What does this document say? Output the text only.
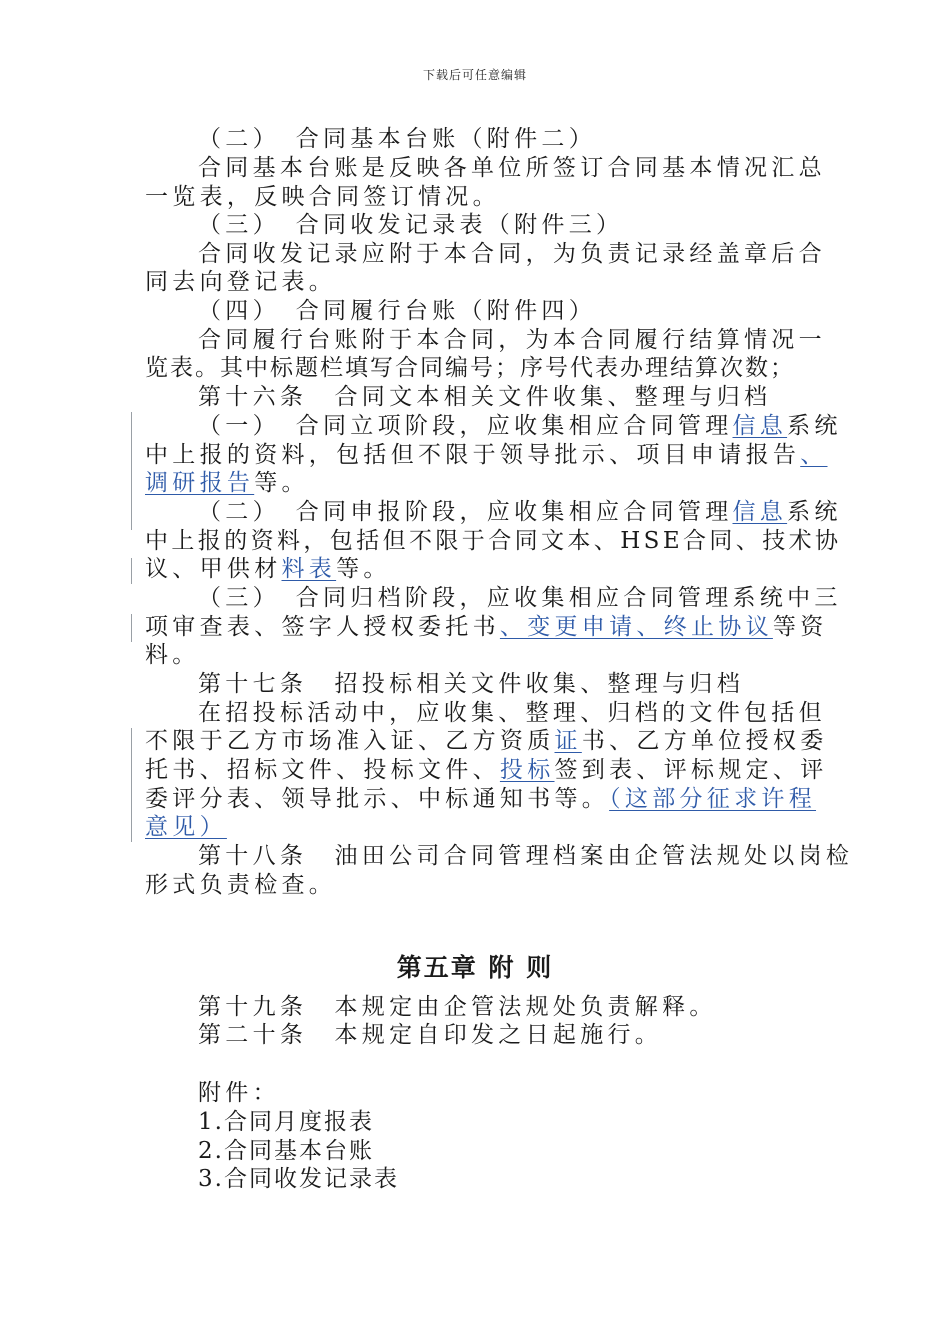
下载后可任意编辑
（二）　合同基本台账（附件二）
合同基本台账是反映各单位所签订合同基本情况汇总
一览表，反映合同签订情况。
（三）　合同收发记录表（附件三）
合同收发记录应附于本合同，为负责记录经盖章后合
同去向登记表。
（四）　合同履行台账（附件四）
合同履行台账附于本合同，为本合同履行结算情况一
览表。其中标题栏填写合同编号；序号代表办理结算次数；
第十六条　合同文本相关文件收集、整理与归档
（一）　合同立项阶段，应收集相应合同管理信息系统
中上报的资料，包括但不限于领导批示、项目申请报告、
调研报告等。
（二）　合同申报阶段，应收集相应合同管理信息系统
中上报的资料，包括但不限于合同文本、HSE合同、技术协
议、甲供材料表等。
（三）　合同归档阶段，应收集相应合同管理系统中三
项审查表、签字人授权委托书、变更申请、终止协议等资
料。
第十七条　招投标相关文件收集、整理与归档
在招投标活动中，应收集、整理、归档的文件包括但
不限于乙方市场准入证、乙方资质证书、乙方单位授权委
托书、招标文件、投标文件、投标签到表、评标规定、评
委评分表、领导批示、中标通知书等。（这部分征求许程
意见）
第十八条　油田公司合同管理档案由企管法规处以岗检
形式负责检查。
第五章 附 则
第十九条　本规定由企管法规处负责解释。
第二十条　本规定自印发之日起施行。
附件：
1.合同月度报表
2.合同基本台账
3.合同收发记录表
